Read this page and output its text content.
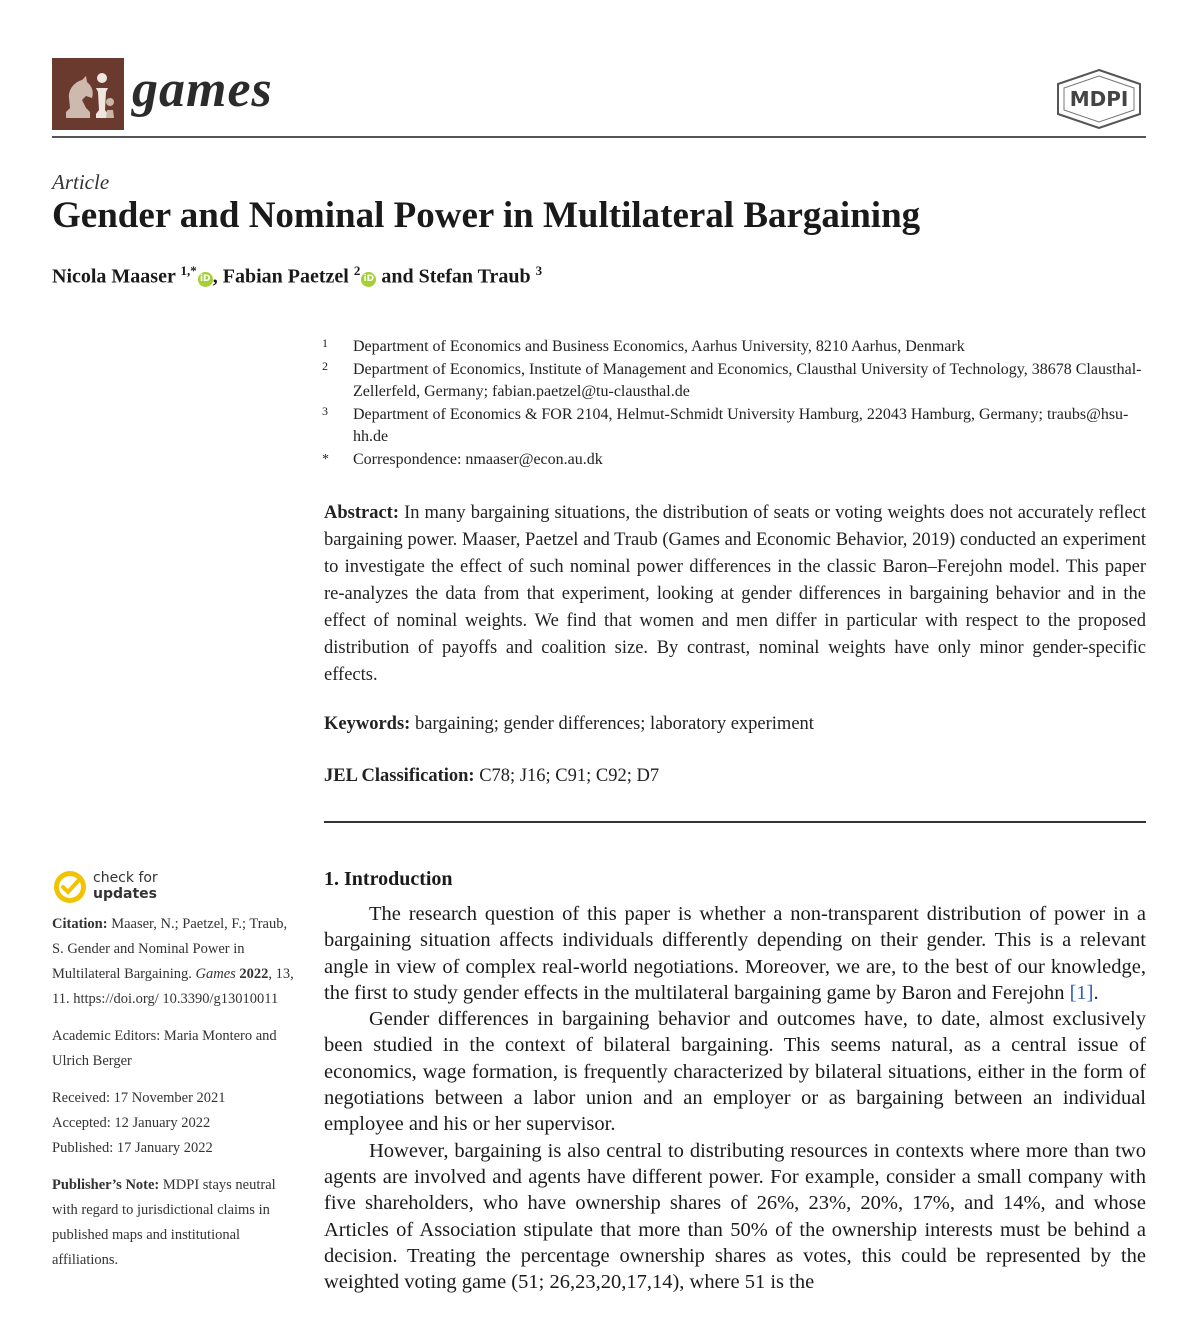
games	MDPI
Article
Gender and Nominal Power in Multilateral Bargaining
Nicola Maaser $^{1,*}$iD , Fabian Paetzel $^2$iD and Stefan Traub $^3$
1 Department of Economics and Business Economics, Aarhus University, 8210 Aarhus, Denmark
2 Department of Economics, Institute of Management and Economics, Clausthal University of Technology, 38678 Clausthal-Zellerfeld, Germany; fabian.paetzel@tu-clausthal.de
3 Department of Economics & FOR 2104, Helmut-Schmidt University Hamburg, 22043 Hamburg, Germany; traubs@hsu-hh.de
* Correspondence: nmaaser@econ.au.dk
Abstract: In many bargaining situations, the distribution of seats or voting weights does not accurately reflect bargaining power. Maaser, Paetzel and Traub (Games and Economic Behavior, 2019) conducted an experiment to investigate the effect of such nominal power differences in the classic Baron–Ferejohn model. This paper re-analyzes the data from that experiment, looking at gender differences in bargaining behavior and in the effect of nominal weights. We find that women and men differ in particular with respect to the proposed distribution of payoffs and coalition size. By contrast, nominal weights have only minor gender-specific effects.
Keywords: bargaining; gender differences; laboratory experiment
JEL Classification: C78; J16; C91; C92; D7
check for
updates

Citation: Maaser, N.; Paetzel, F.; Traub, S. Gender and Nominal Power in Multilateral Bargaining. Games 2022, 13, 11. https://doi.org/ 10.3390/g13010011

Academic Editors: Maria Montero and Ulrich Berger

Received: 17 November 2021

Accepted: 12 January 2022

Published: 17 January 2022

Publisher’s Note: MDPI stays neutral with regard to jurisdictional claims in published maps and institutional affiliations.

1. Introduction

The research question of this paper is whether a non-transparent distribution of power in a bargaining situation affects individuals differently depending on their gender. This is a relevant angle in view of complex real-world negotiations. Moreover, we are, to the best of our knowledge, the first to study gender effects in the multilateral bargaining game by Baron and Ferejohn [1].

Gender differences in bargaining behavior and outcomes have, to date, almost exclusively been studied in the context of bilateral bargaining. This seems natural, as a central issue of economics, wage formation, is frequently characterized by bilateral situations, either in the form of negotiations between a labor union and an employer or as bargaining between an individual employee and his or her supervisor.

However, bargaining is also central to distributing resources in contexts where more than two agents are involved and agents have different power. For example, consider a small company with five shareholders, who have ownership shares of 26%, 23%, 20%, 17%, and 14%, and whose Articles of Association stipulate that more than 50% of the ownership interests must be behind a decision. Treating the percentage ownership shares as votes, this could be represented by the weighted voting game (51; 26,23,20,17,14), where 51 is the
